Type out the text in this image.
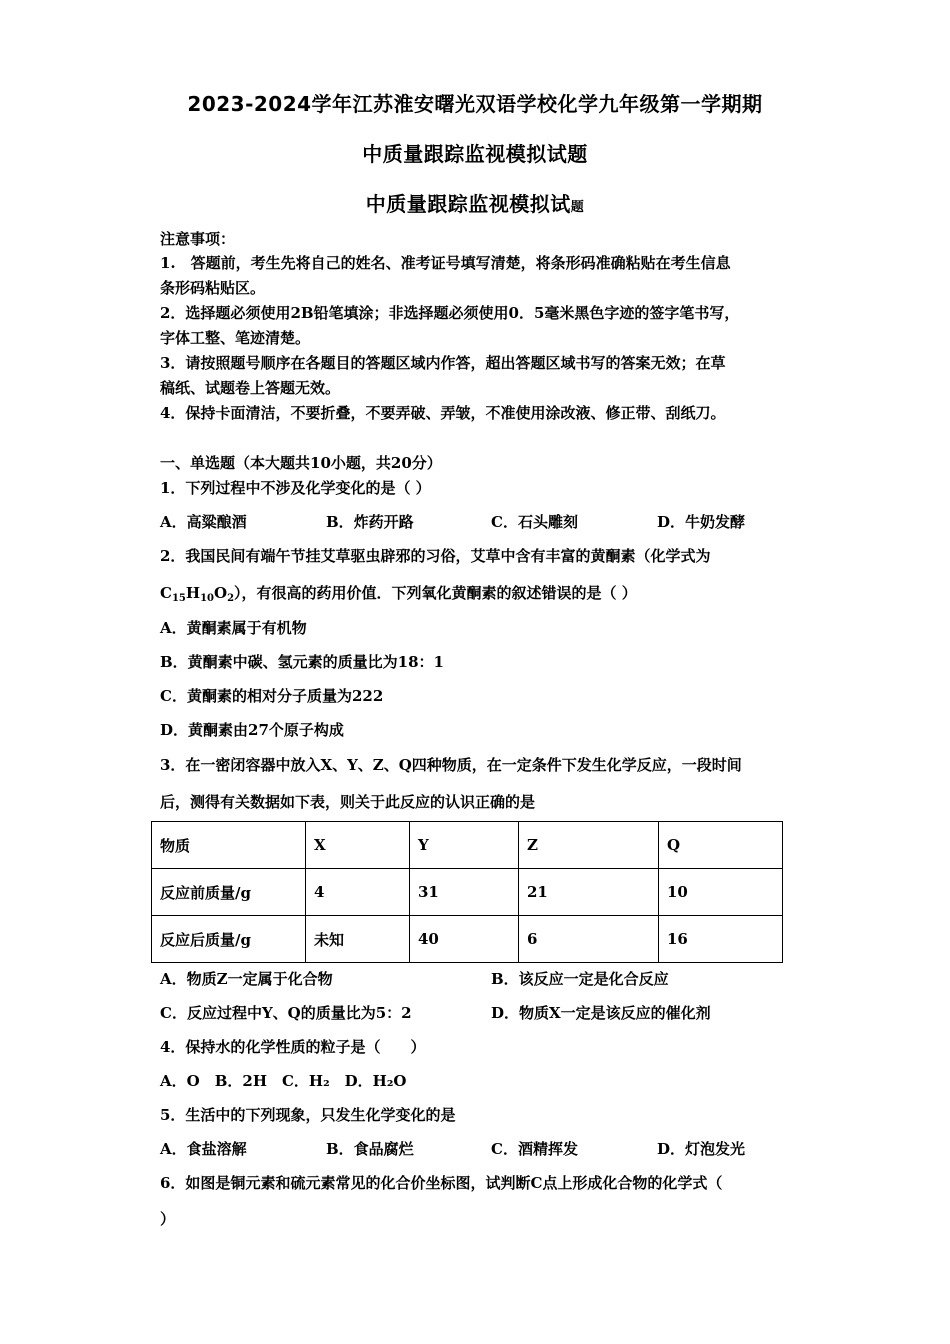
2023-2024学年江苏淮安曙光双语学校化学九年级第一学期期
中质量跟踪监视模拟试题
中质量跟踪监视模拟试题
注意事项：
1.　答题前，考生先将自己的姓名、准考证号填写清楚，将条形码准确粘贴在考生信息
条形码粘贴区。
2．选择题必须使用2B铅笔填涂；非选择题必须使用0．5毫米黑色字迹的签字笔书写，
字体工整、笔迹清楚。
3．请按照题号顺序在各题目的答题区域内作答，超出答题区域书写的答案无效；在草
稿纸、试题卷上答题无效。
4．保持卡面清洁，不要折叠，不要弄破、弄皱，不准使用涂改液、修正带、刮纸刀。
一、单选题（本大题共10小题，共20分）
1．下列过程中不涉及化学变化的是（ ）
A．高粱酿酒	B．炸药开路	C．石头雕刻	D．牛奶发酵
2．我国民间有端午节挂艾草驱虫辟邪的习俗，艾草中含有丰富的黄酮素（化学式为
$C_{15}H_{10}O_2$），有很高的药用价值．下列氧化黄酮素的叙述错误的是（ ）
A．黄酮素属于有机物
B．黄酮素中碳、氢元素的质量比为18：1
C．黄酮素的相对分子质量为222
D．黄酮素由27个原子构成
3．在一密闭容器中放入X、Y、Z、Q四种物质，在一定条件下发生化学反应，一段时间
后，测得有关数据如下表，则关于此反应的认识正确的是
物质	X	Y	Z	Q
反应前质量/g	4	31	21	10
反应后质量/g	未知	40	6	16
A．物质Z一定属于化合物	B．该反应一定是化合反应
C．反应过程中Y、Q的质量比为5：2	D．物质X一定是该反应的催化剂
4．保持水的化学性质的粒子是（　　）
A．O　B．2H　C．H₂　D．H₂O
5．生活中的下列现象，只发生化学变化的是
A．食盐溶解	B．食品腐烂	C．酒精挥发	D．灯泡发光
6．如图是铜元素和硫元素常见的化合价坐标图，试判断C点上形成化合物的化学式（
）
